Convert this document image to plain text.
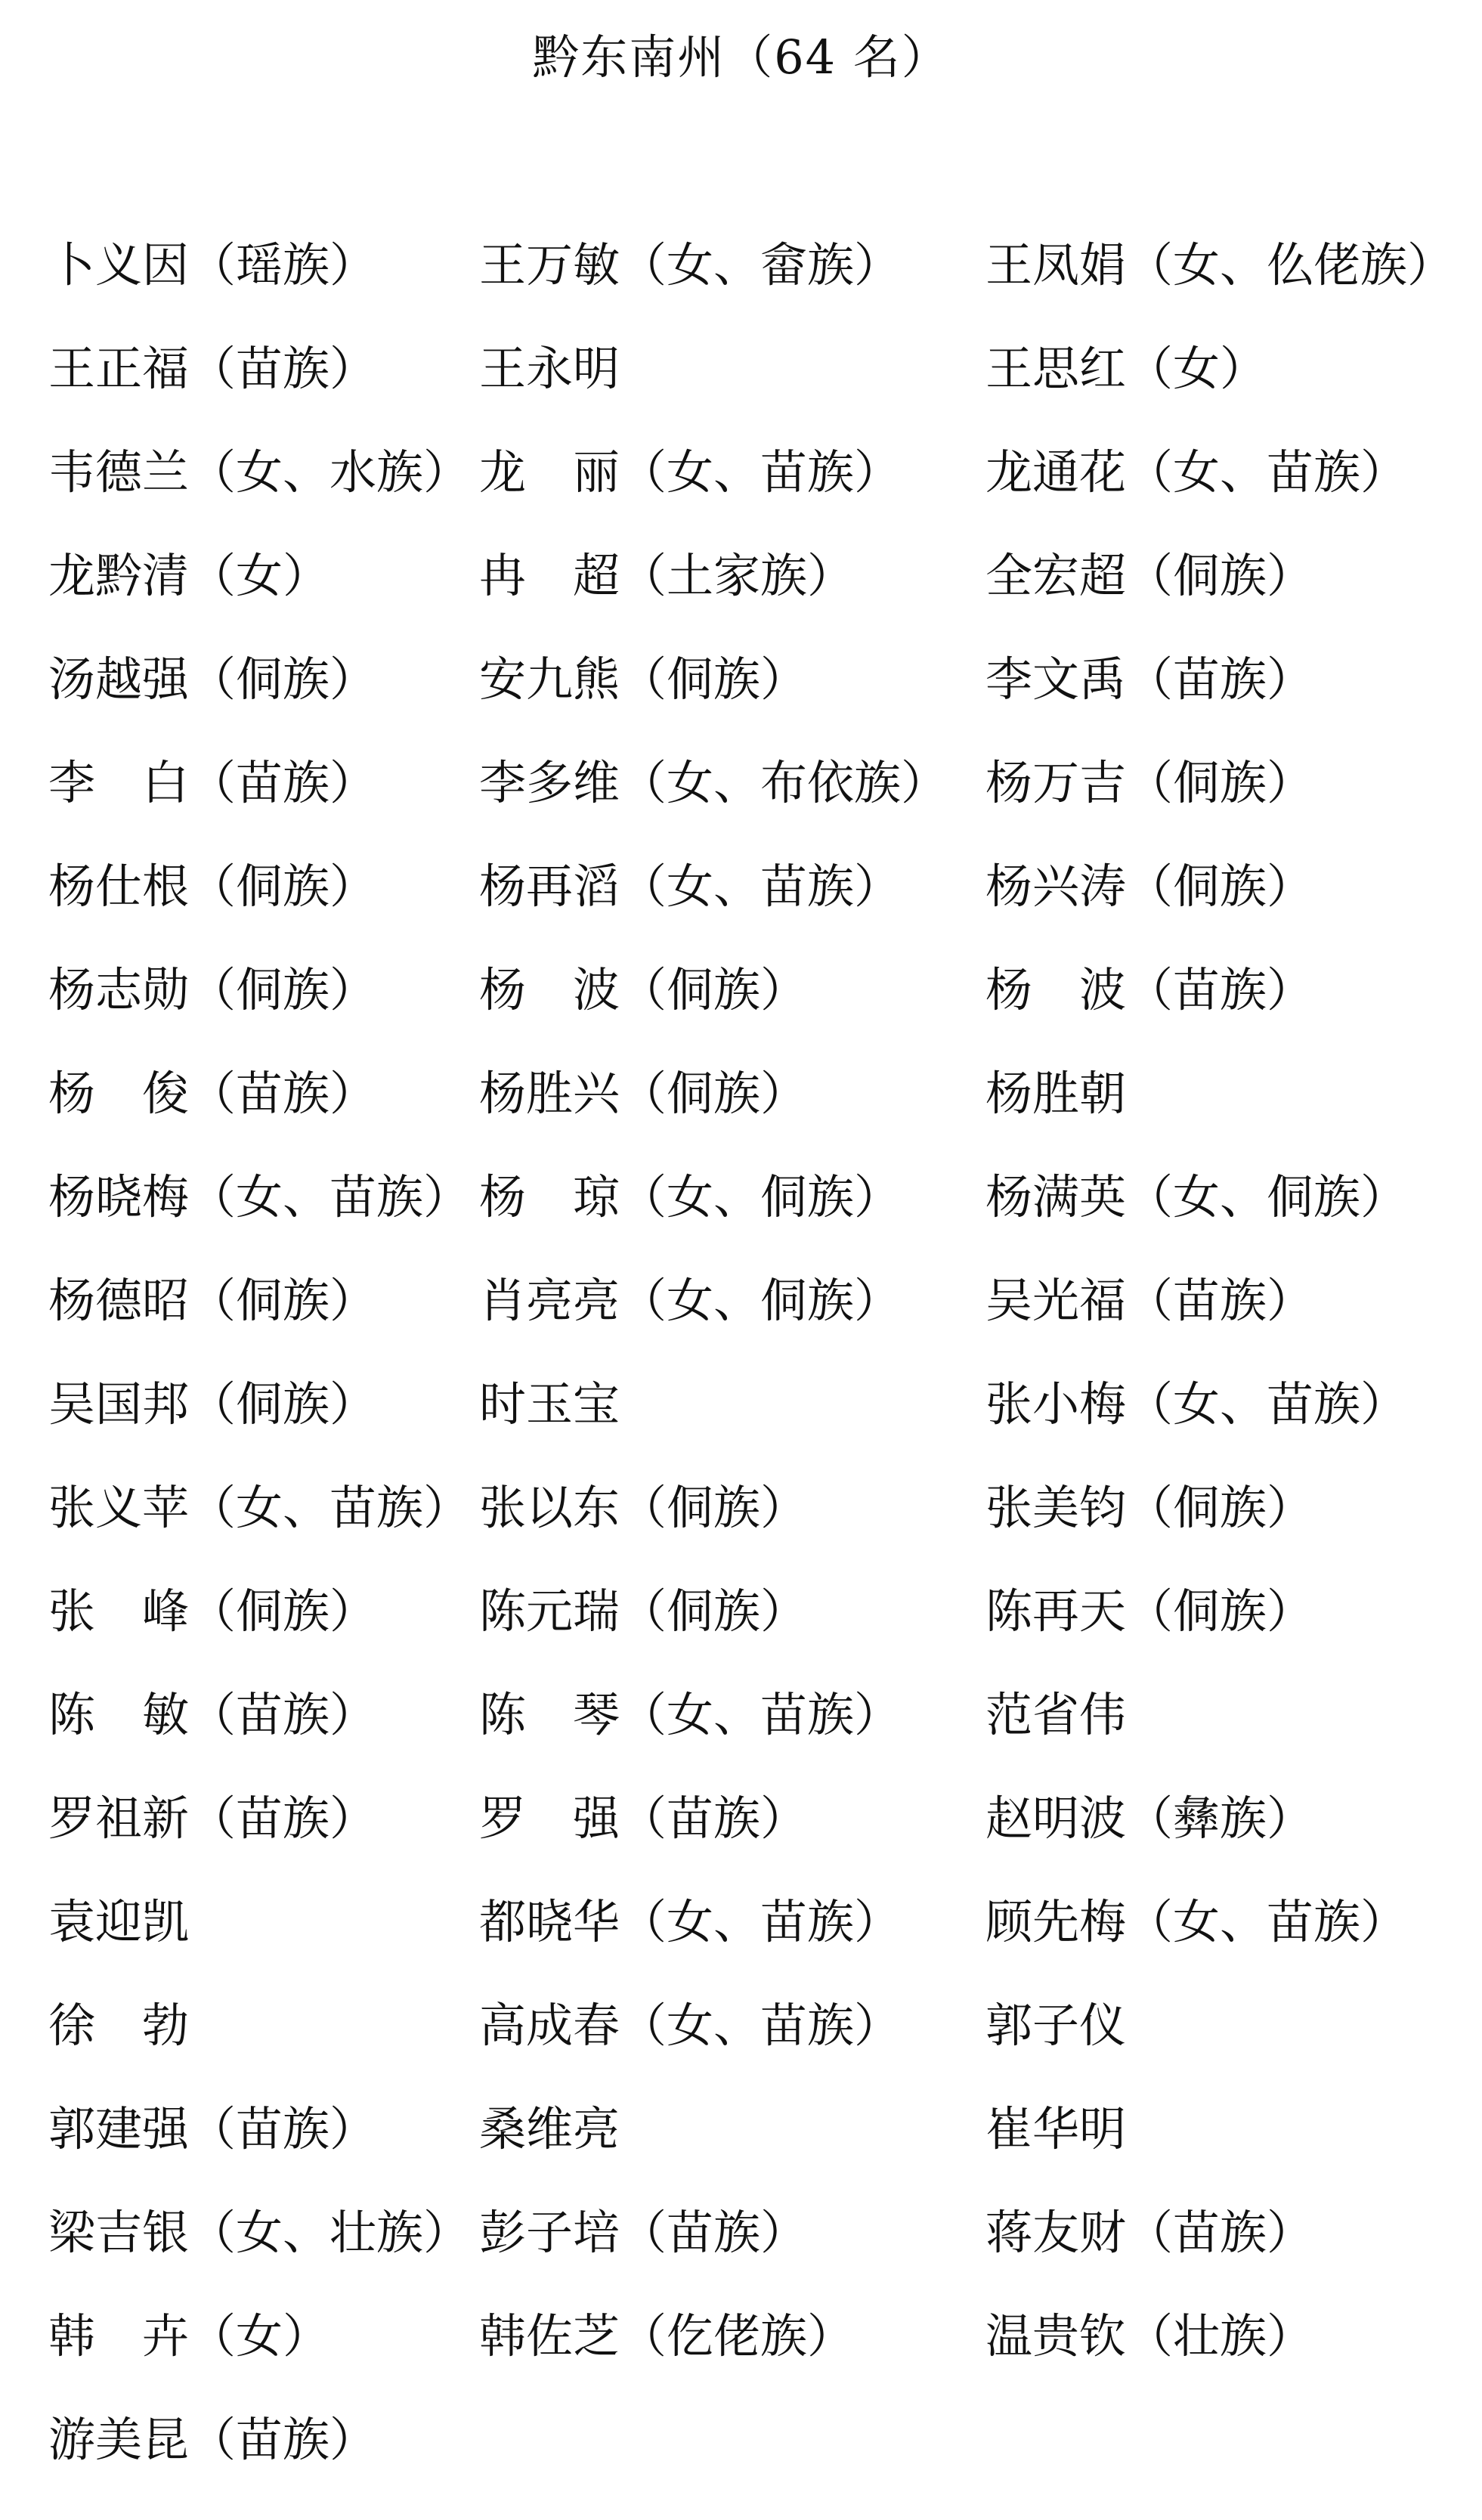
黔东南州（64 名）
卜义因（瑶族） 王万敏（女、畲族） 王凤娟（女、仫佬族）
王正福（苗族） 王永明	王思红（女）
韦德兰（女、水族） 龙　丽（女、苗族） 龙通花（女、苗族）
龙黔清（女）	冉　超（土家族）	全宏超（侗族）
汤越强（侗族） 安九熊（侗族）	李文禹（苗族）
李　白（苗族） 李多维（女、布依族） 杨万吉（侗族）
杨仕根（侗族） 杨再滔（女、苗族） 杨兴涛（侗族）
杨志勋（侗族） 杨　波（侗族）	杨　波（苗族）
杨　俊（苗族） 杨胜兴（侗族）	杨胜朝
杨晓梅（女、苗族） 杨　琼（女、侗族） 杨满英（女、侗族）
杨德昭（侗族） 肖亮亮（女、侗族） 吴光福（苗族）
吴国邦（侗族） 时玉宝	张小梅（女、苗族）
张义苹（女、苗族） 张以东（侗族）	张美钧（侗族）
张　峰（侗族） 陈元瑞（侗族）	陈再天（侗族）
陈　敏（苗族） 陈　琴（女、苗族） 范省伟
罗祖新（苗族） 罗　强（苗族）	赵明波（彝族）
袁迎凯	都晓华（女、苗族） 顾先梅（女、苗族）
徐　勃	高成春（女、苗族） 郭子仪
郭建强（苗族） 桑维亮	崔华明
梁吉银（女、壮族） 彭子培（苗族）	蒋友财（苗族）
韩　卉（女）	韩佐芝（仡佬族）	温贵钦（壮族）
游美昆（苗族）
